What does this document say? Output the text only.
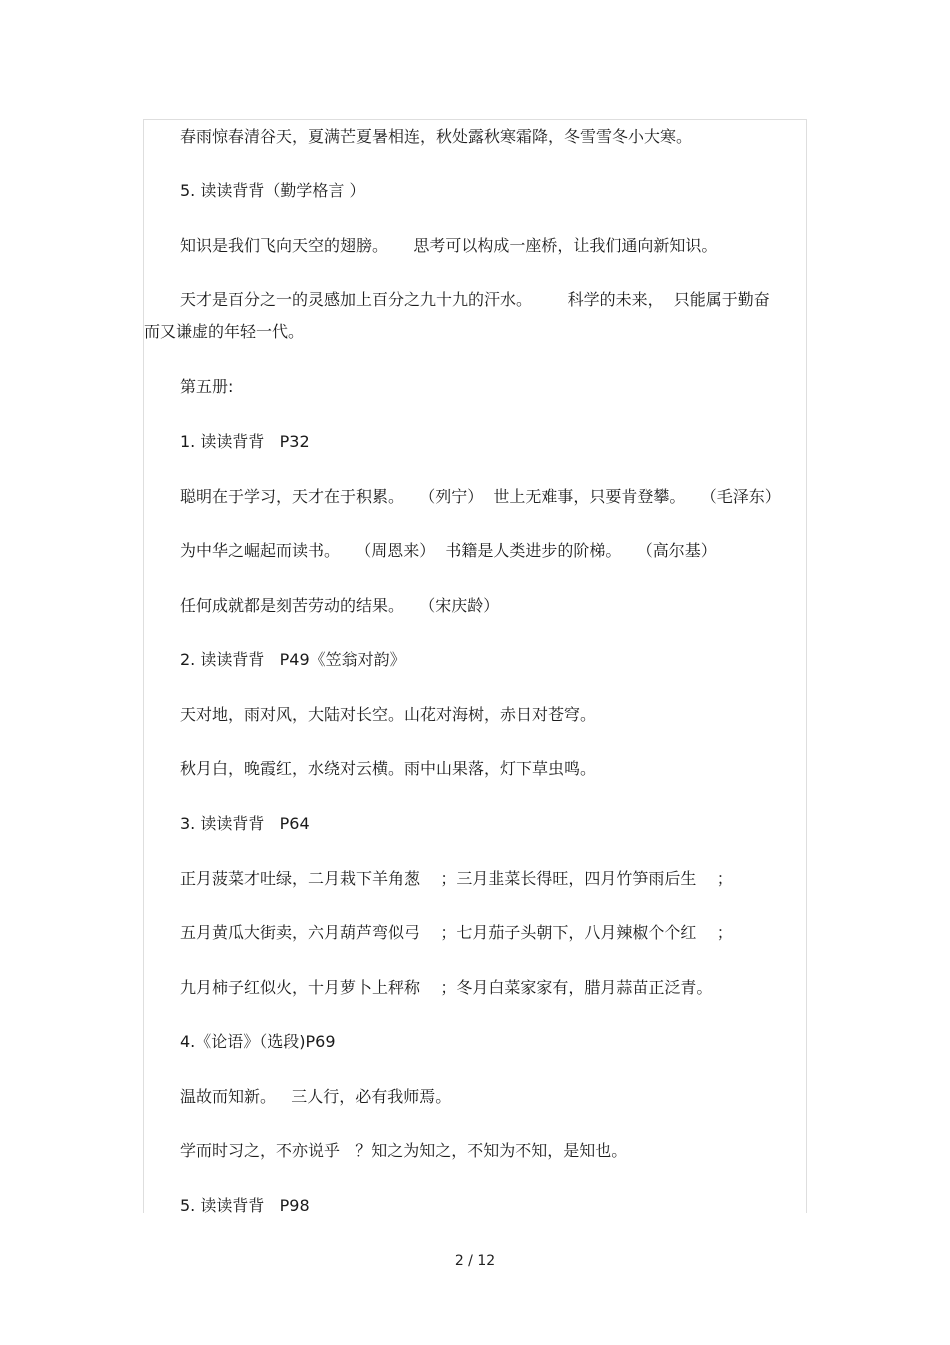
春雨惊春清谷天，夏满芒夏暑相连，秋处露秋寒霜降，冬雪雪冬小大寒。
5. 读读背背（勤学格言 ）
知识是我们飞向天空的翅膀。     思考可以构成一座桥，让我们通向新知识。
天才是百分之一的灵感加上百分之九十九的汗水。       科学的未来，  只能属于勤奋
而又谦虚的年轻一代。
第五册:
1. 读读背背   P32
聪明在于学习，天才在于积累。   （列宁）  世上无难事，只要肯登攀。   （毛泽东）
为中华之崛起而读书。   （周恩来）  书籍是人类进步的阶梯。   （高尔基）
任何成就都是刻苦劳动的结果。   （宋庆龄）
2. 读读背背   P49《笠翁对韵》
天对地，雨对风，大陆对长空。山花对海树，赤日对苍穹。
秋月白，晚霞红，水绕对云横。雨中山果落，灯下草虫鸣。
3. 读读背背   P64
正月菠菜才吐绿，二月栽下羊角葱    ；三月韭菜长得旺，四月竹笋雨后生    ；
五月黄瓜大街卖，六月葫芦弯似弓    ；七月茄子头朝下，八月辣椒个个红    ；
九月柿子红似火，十月萝卜上秤称    ；冬月白菜家家有，腊月蒜苗正泛青。
4.《论语》（选段)P69
温故而知新。   三人行，必有我师焉。
学而时习之，不亦说乎   ？知之为知之，不知为不知，是知也。
5. 读读背背   P98
2 / 12
